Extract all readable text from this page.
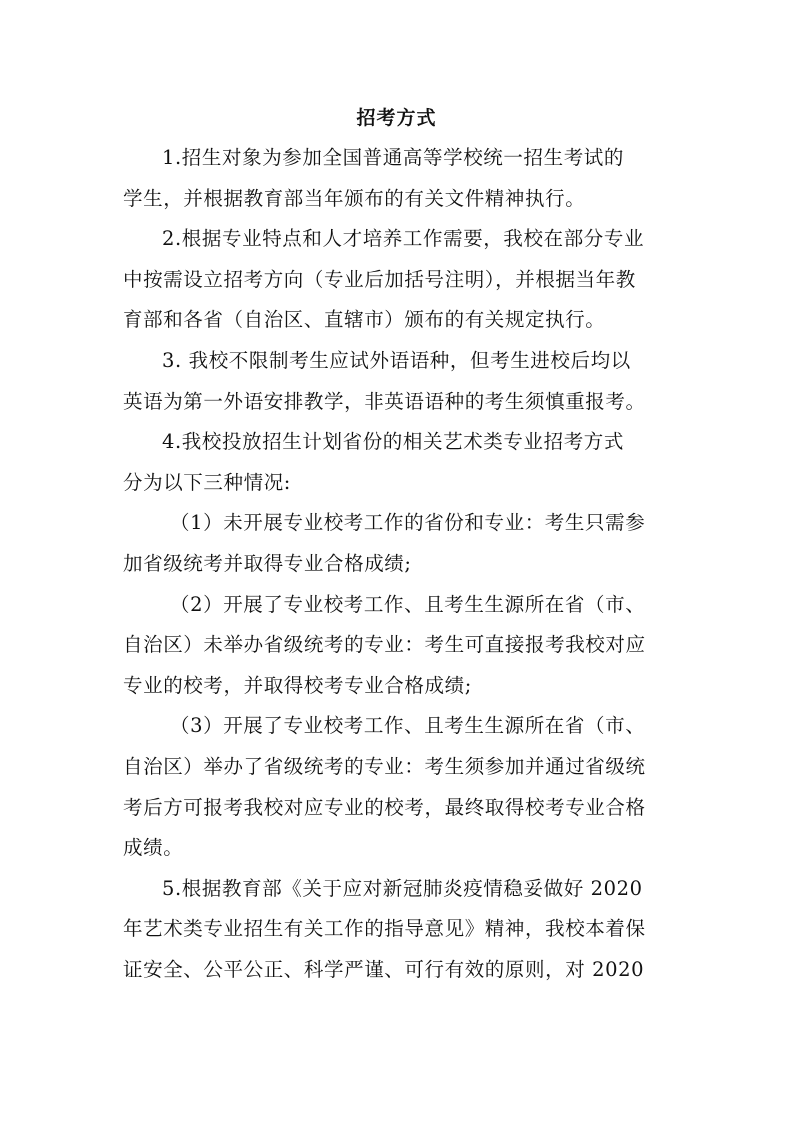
招考方式
1.招生对象为参加全国普通高等学校统一招生考试的
学生，并根据教育部当年颁布的有关文件精神执行。
2.根据专业特点和人才培养工作需要，我校在部分专业
中按需设立招考方向（专业后加括号注明），并根据当年教
育部和各省（自治区、直辖市）颁布的有关规定执行。
3. 我校不限制考生应试外语语种，但考生进校后均以
英语为第一外语安排教学，非英语语种的考生须慎重报考。
4.我校投放招生计划省份的相关艺术类专业招考方式
分为以下三种情况:
（1）未开展专业校考工作的省份和专业：考生只需参
加省级统考并取得专业合格成绩;
（2）开展了专业校考工作、且考生生源所在省（市、
自治区）未举办省级统考的专业：考生可直接报考我校对应
专业的校考，并取得校考专业合格成绩;
（3）开展了专业校考工作、且考生生源所在省（市、
自治区）举办了省级统考的专业：考生须参加并通过省级统
考后方可报考我校对应专业的校考，最终取得校考专业合格
成绩。
5.根据教育部《关于应对新冠肺炎疫情稳妥做好 2020
年艺术类专业招生有关工作的指导意见》精神，我校本着保
证安全、公平公正、科学严谨、可行有效的原则，对 2020
